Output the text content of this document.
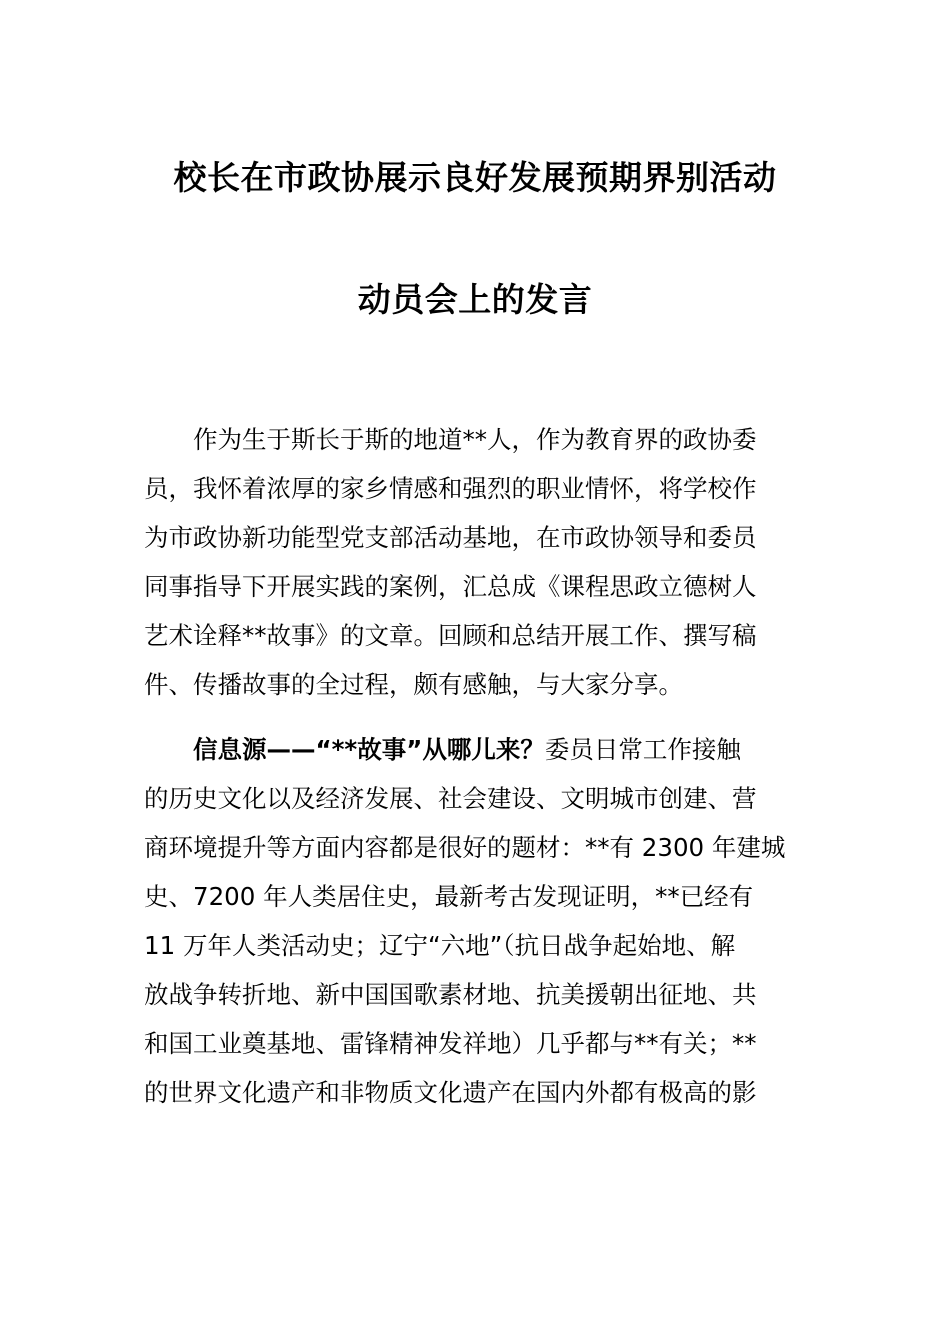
校长在市政协展示良好发展预期界别活动
动员会上的发言
作为生于斯长于斯的地道**人，作为教育界的政协委
员，我怀着浓厚的家乡情感和强烈的职业情怀，将学校作
为市政协新功能型党支部活动基地，在市政协领导和委员
同事指导下开展实践的案例，汇总成《课程思政立德树人
艺术诠释**故事》的文章。回顾和总结开展工作、撰写稿
件、传播故事的全过程，颇有感触，与大家分享。
信息源——“**故事”从哪儿来？委员日常工作接触
的历史文化以及经济发展、社会建设、文明城市创建、营
商环境提升等方面内容都是很好的题材：**有 2300 年建城
史、7200 年人类居住史，最新考古发现证明，**已经有
11 万年人类活动史；辽宁“六地”（抗日战争起始地、解
放战争转折地、新中国国歌素材地、抗美援朝出征地、共
和国工业奠基地、雷锋精神发祥地）几乎都与**有关；**
的世界文化遗产和非物质文化遗产在国内外都有极高的影
